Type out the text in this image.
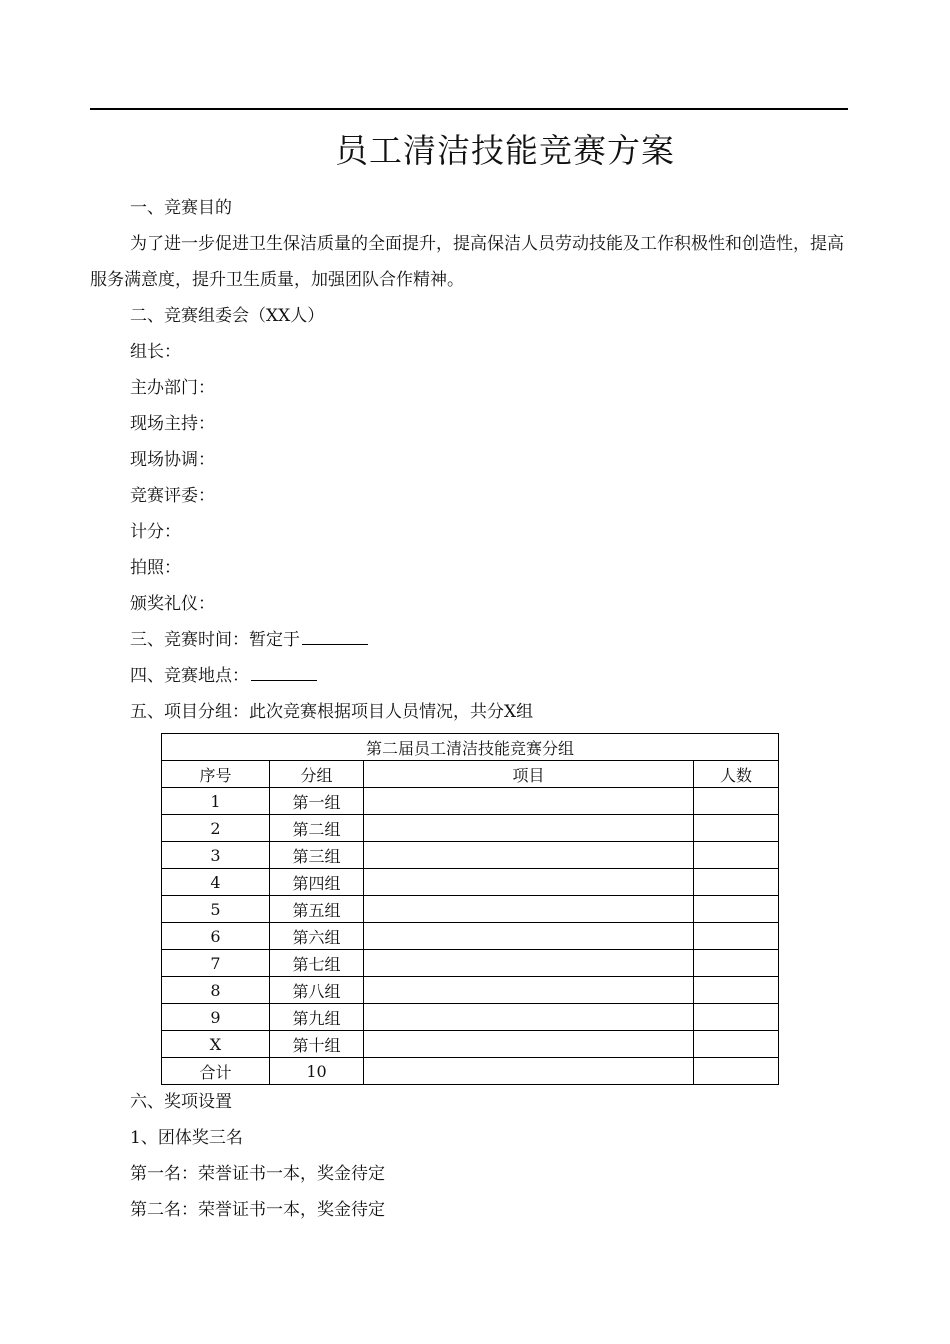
员工清洁技能竞赛方案
一、竞赛目的
为了进一步促进卫生保洁质量的全面提升，提高保洁人员劳动技能及工作积极性和创造性，提高服务满意度，提升卫生质量，加强团队合作精神。
二、竞赛组委会（XX人）
组长：
主办部门：
现场主持：
现场协调：
竞赛评委：
计分：
拍照：
颁奖礼仪：
三、竞赛时间：暂定于
四、竞赛地点：
五、项目分组：此次竞赛根据项目人员情况，共分X组
第二届员工清洁技能竞赛分组			
序号	分组	项目	人数
1	第一组		
2	第二组		
3	第三组		
4	第四组		
5	第五组		
6	第六组		
7	第七组		
8	第八组		
9	第九组		
X	第十组		
合计	10		
六、奖项设置
1、团体奖三名
第一名：荣誉证书一本，奖金待定
第二名：荣誉证书一本，奖金待定
